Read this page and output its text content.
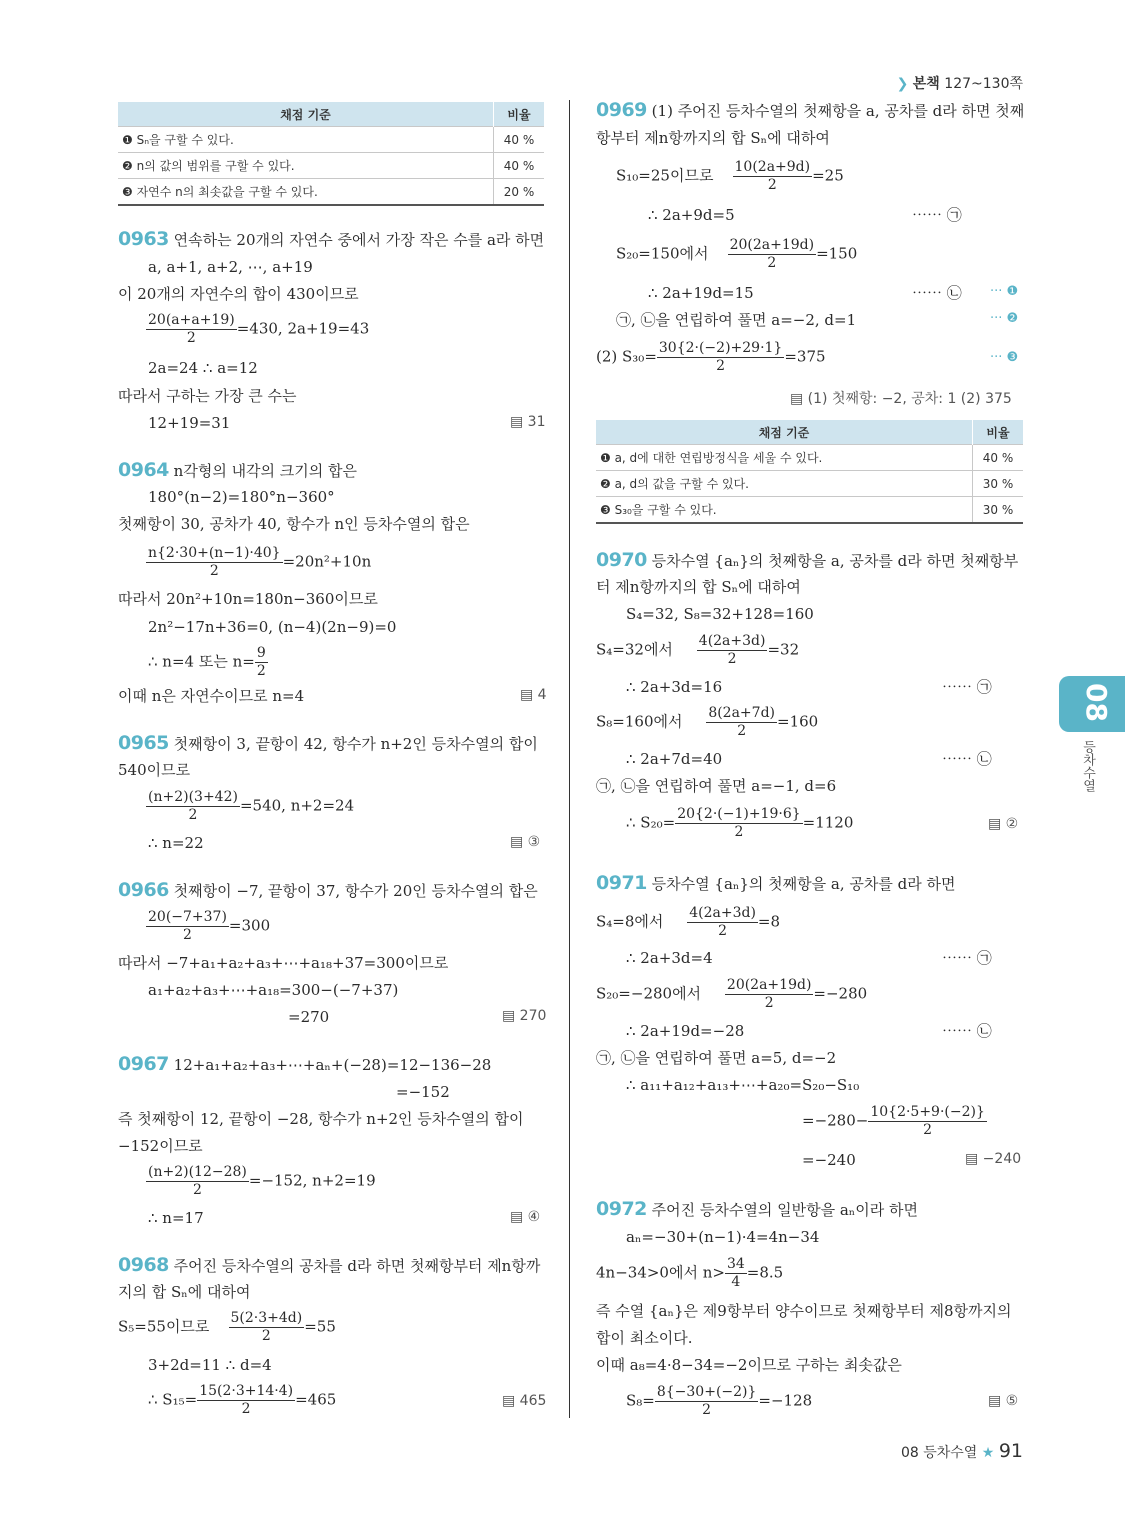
❯ 본책 127~130쪽
채점 기준	비율
❶ Sₙ을 구할 수 있다.	40 %
❷ n의 값의 범위를 구할 수 있다.	40 %
❸ 자연수 n의 최솟값을 구할 수 있다.	20 %
0963 연속하는 20개의 자연수 중에서 가장 작은 수를 a라 하면
a, a+1, a+2, ⋯, a+19
이 20개의 자연수의 합이 430이므로
$\frac{20(a+a+19)}{2} =430$, 2a+19=43
2a=24 ∴ a=12
따라서 구하는 가장 큰 수는
12+19=31	▤ 31
0964 n각형의 내각의 크기의 합은
180°(n−2)=180°n−360°
첫째항이 30, 공차가 40, 항수가 n인 등차수열의 합은
$\frac{n\{2\cdot 30+(n-1)\cdot 40\}}{2} =20n^2+10n$
따라서 20n²+10n=180n−360이므로
2n²−17n+36=0, (n−4)(2n−9)=0
∴ n=4 또는 $n= \frac{9}{2}$
이때 n은 자연수이므로 n=4	▤ 4
0965 첫째항이 3, 끝항이 42, 항수가 n+2인 등차수열의 합이
540이므로
$\frac{(n+2)(3+42)}{2} =540$, n+2=24
∴ n=22	▤ ③
0966 첫째항이 −7, 끝항이 37, 항수가 20인 등차수열의 합은
$\frac{20(-7+37)}{2} =300$
따라서 −7+a₁+a₂+a₃+⋯+a₁₈+37=300이므로
a₁+a₂+a₃+⋯+a₁₈=300−(−7+37)
=270	▤ 270
0967 12+a₁+a₂+a₃+⋯+aₙ+(−28)=12−136−28
=−152
즉 첫째항이 12, 끝항이 −28, 항수가 n+2인 등차수열의 합이
−152이므로
$\frac{(n+2)(12-28)}{2} =-152$, n+2=19
∴ n=17	▤ ④
0968 주어진 등차수열의 공차를 d라 하면 첫째항부터 제n항까
지의 합 Sₙ에 대하여
S₅=55이므로 $\frac{5(2\cdot 3+4d)}{2} =55$
3+2d=11 ∴ d=4
∴ $S_{15}= \frac{15(2\cdot 3+14\cdot 4)}{2} =465$	▤ 465
0969 (1) 주어진 등차수열의 첫째항을 a, 공차를 d라 하면 첫째
항부터 제n항까지의 합 Sₙ에 대하여
S₁₀=25이므로 $\frac{10(2a+9d)}{2} =25$
∴ 2a+9d=5	⋯⋯ ㉠
S₂₀=150에서 $\frac{20(2a+19d)}{2} =150$
∴ 2a+19d=15	⋯⋯ ㉡ ··· ❶
㉠, ㉡을 연립하여 풀면 a=−2, d=1	··· ❷
(2) $S_{30}= \frac{30\{2\cdot(-2)+29\cdot 1\}}{2} =375$	··· ❸
▤ (1) 첫째항: −2, 공차: 1 (2) 375
채점 기준	비율
❶ a, d에 대한 연립방정식을 세울 수 있다.	40 %
❷ a, d의 값을 구할 수 있다.	30 %
❸ S₃₀을 구할 수 있다.	30 %
0970 등차수열 {aₙ}의 첫째항을 a, 공차를 d라 하면 첫째항부
터 제n항까지의 합 Sₙ에 대하여
S₄=32, S₈=32+128=160
S₄=32에서 $\frac{4(2a+3d)}{2} =32$
∴ 2a+3d=16	⋯⋯ ㉠
S₈=160에서 $\frac{8(2a+7d)}{2} =160$
∴ 2a+7d=40	⋯⋯ ㉡
㉠, ㉡을 연립하여 풀면 a=−1, d=6
∴ $S_{20}= \frac{20\{2\cdot(-1)+19\cdot 6\}}{2} =1120$	▤ ②
0971 등차수열 {aₙ}의 첫째항을 a, 공차를 d라 하면
S₄=8에서 $\frac{4(2a+3d)}{2} =8$
∴ 2a+3d=4	⋯⋯ ㉠
S₂₀=−280에서 $\frac{20(2a+19d)}{2} =-280$
∴ 2a+19d=−28	⋯⋯ ㉡
㉠, ㉡을 연립하여 풀면 a=5, d=−2
∴ a₁₁+a₁₂+a₁₃+⋯+a₂₀=S₂₀−S₁₀
$=-280- \frac{10\{2\cdot 5+9\cdot(-2)\}}{2}$
=−240	▤ −240
0972 주어진 등차수열의 일반항을 aₙ이라 하면
aₙ=−30+(n−1)·4=4n−34
4n−34>0에서 $n> \frac{34}{4} =8.5$
즉 수열 {aₙ}은 제9항부터 양수이므로 첫째항부터 제8항까지의
합이 최소이다.
이때 a₈=4·8−34=−2이므로 구하는 최솟값은
$S_8= \frac{8\{-30+(-2)\}}{2} =-128$	▤ ⑤
08
등차수열
08 등차수열 ★ 91
